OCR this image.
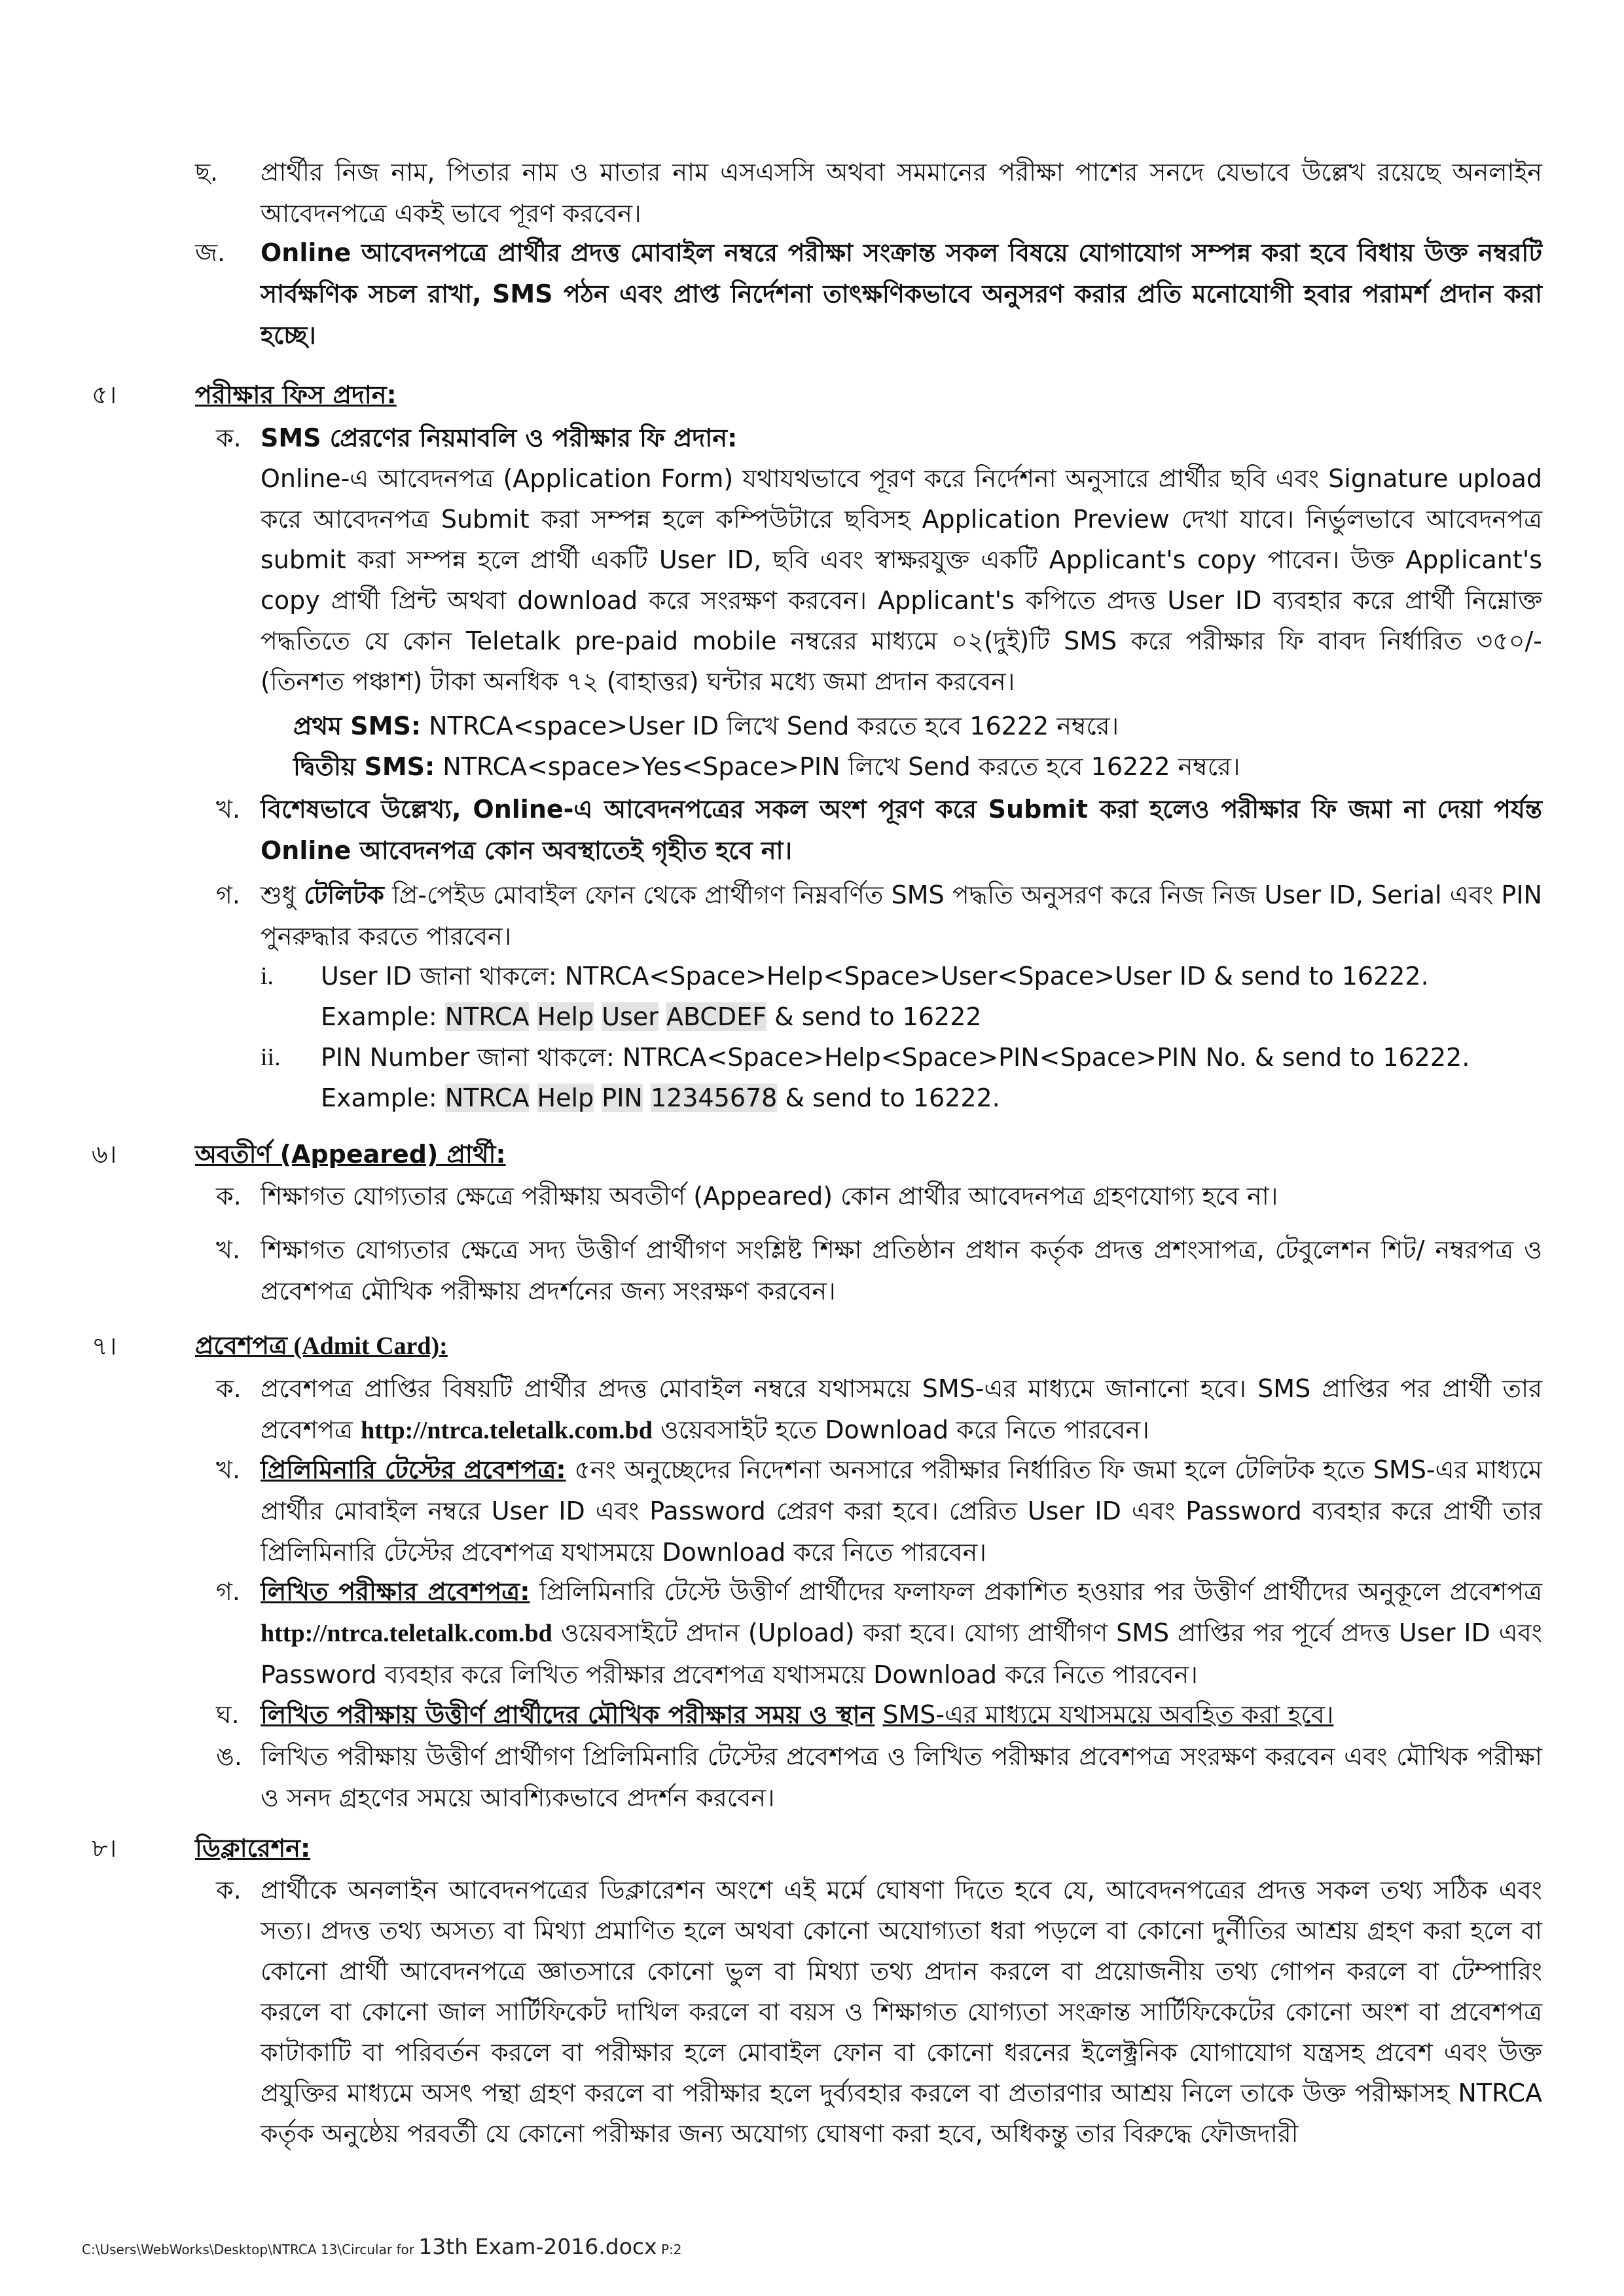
ছ. প্রার্থীর নিজ নাম, পিতার নাম ও মাতার নাম এসএসসি অথবা সমমানের পরীক্ষা পাশের সনদে যেভাবে উল্লেখ রয়েছে অনলাইন আবেদনপত্রে একই ভাবে পূরণ করবেন।
জ. Online আবেদনপত্রে প্রার্থীর প্রদত্ত মোবাইল নম্বরে পরীক্ষা সংক্রান্ত সকল বিষয়ে যোগাযোগ সম্পন্ন করা হবে বিধায় উক্ত নম্বরটি সার্বক্ষণিক সচল রাখা, SMS পঠন এবং প্রাপ্ত নির্দেশনা তাৎক্ষণিকভাবে অনুসরণ করার প্রতি মনোযোগী হবার পরামর্শ প্রদান করা হচ্ছে।
৫।	পরীক্ষার ফিস প্রদান:
ক. SMS প্রেরণের নিয়মাবলি ও পরীক্ষার ফি প্রদান:
Online-এ আবেদনপত্র (Application Form) যথাযথভাবে পূরণ করে নির্দেশনা অনুসারে প্রার্থীর ছবি এবং Signature upload করে আবেদনপত্র Submit করা সম্পন্ন হলে কম্পিউটারে ছবিসহ Application Preview দেখা যাবে। নির্ভুলভাবে আবেদনপত্র submit করা সম্পন্ন হলে প্রার্থী একটি User ID, ছবি এবং স্বাক্ষরযুক্ত একটি Applicant's copy পাবেন। উক্ত Applicant's copy প্রার্থী প্রিন্ট অথবা download করে সংরক্ষণ করবেন। Applicant's কপিতে প্রদত্ত User ID ব্যবহার করে প্রার্থী নিম্নোক্ত পদ্ধতিতে যে কোন Teletalk pre-paid mobile নম্বরের মাধ্যমে ০২(দুই)টি SMS করে পরীক্ষার ফি বাবদ নির্ধারিত ৩৫০/- (তিনশত পঞ্চাশ) টাকা অনধিক ৭২ (বাহাত্তর) ঘন্টার মধ্যে জমা প্রদান করবেন।
প্রথম SMS: NTRCA<space>User ID লিখে Send করতে হবে 16222 নম্বরে।
দ্বিতীয় SMS: NTRCA<space>Yes<Space>PIN লিখে Send করতে হবে 16222 নম্বরে।
খ. বিশেষভাবে উল্লেখ্য, Online-এ আবেদনপত্রের সকল অংশ পূরণ করে Submit করা হলেও পরীক্ষার ফি জমা না দেয়া পর্যন্ত Online আবেদনপত্র কোন অবস্থাতেই গৃহীত হবে না।
গ. শুধু টেলিটক প্রি-পেইড মোবাইল ফোন থেকে প্রার্থীগণ নিম্নবর্ণিত SMS পদ্ধতি অনুসরণ করে নিজ নিজ User ID, Serial এবং PIN পুনরুদ্ধার করতে পারবেন।
i. User ID জানা থাকলে: NTRCA<Space>Help<Space>User<Space>User ID & send to 16222.
Example: NTRCA Help User ABCDEF & send to 16222
ii. PIN Number জানা থাকলে: NTRCA<Space>Help<Space>PIN<Space>PIN No. & send to 16222.
Example: NTRCA Help PIN 12345678 & send to 16222.
৬।	অবতীর্ণ (Appeared) প্রার্থী:
ক. শিক্ষাগত যোগ্যতার ক্ষেত্রে পরীক্ষায় অবতীর্ণ (Appeared) কোন প্রার্থীর আবেদনপত্র গ্রহণযোগ্য হবে না।
খ. শিক্ষাগত যোগ্যতার ক্ষেত্রে সদ্য উত্তীর্ণ প্রার্থীগণ সংশ্লিষ্ট শিক্ষা প্রতিষ্ঠান প্রধান কর্তৃক প্রদত্ত প্রশংসাপত্র, টেবুলেশন শিট/ নম্বরপত্র ও প্রবেশপত্র মৌখিক পরীক্ষায় প্রদর্শনের জন্য সংরক্ষণ করবেন।
৭।	প্রবেশপত্র (Admit Card):
ক. প্রবেশপত্র প্রাপ্তির বিষয়টি প্রার্থীর প্রদত্ত মোবাইল নম্বরে যথাসময়ে SMS-এর মাধ্যমে জানানো হবে। SMS প্রাপ্তির পর প্রার্থী তার প্রবেশপত্র http://ntrca.teletalk.com.bd ওয়েবসাইট হতে Download করে নিতে পারবেন।
খ. প্রিলিমিনারি টেস্টের প্রবেশপত্র: ৫নং অনুচ্ছেদের নিদেশনা অনসারে পরীক্ষার নির্ধারিত ফি জমা হলে টেলিটক হতে SMS-এর মাধ্যমে প্রার্থীর মোবাইল নম্বরে User ID এবং Password প্রেরণ করা হবে। প্রেরিত User ID এবং Password ব্যবহার করে প্রার্থী তার প্রিলিমিনারি টেস্টের প্রবেশপত্র যথাসময়ে Download করে নিতে পারবেন।
গ. লিখিত পরীক্ষার প্রবেশপত্র: প্রিলিমিনারি টেস্টে উত্তীর্ণ প্রার্থীদের ফলাফল প্রকাশিত হওয়ার পর উত্তীর্ণ প্রার্থীদের অনুকূলে প্রবেশপত্র http://ntrca.teletalk.com.bd ওয়েবসাইটে প্রদান (Upload) করা হবে। যোগ্য প্রার্থীগণ SMS প্রাপ্তির পর পূর্বে প্রদত্ত User ID এবং Password ব্যবহার করে লিখিত পরীক্ষার প্রবেশপত্র যথাসময়ে Download করে নিতে পারবেন।
ঘ. লিখিত পরীক্ষায় উত্তীর্ণ প্রার্থীদের মৌখিক পরীক্ষার সময় ও স্থান SMS-এর মাধ্যমে যথাসময়ে অবহিত করা হবে।
ঙ. লিখিত পরীক্ষায় উত্তীর্ণ প্রার্থীগণ প্রিলিমিনারি টেস্টের প্রবেশপত্র ও লিখিত পরীক্ষার প্রবেশপত্র সংরক্ষণ করবেন এবং মৌখিক পরীক্ষা ও সনদ গ্রহণের সময়ে আবশ্যিকভাবে প্রদর্শন করবেন।
৮।	ডিক্লারেশন:
ক. প্রার্থীকে অনলাইন আবেদনপত্রের ডিক্লারেশন অংশে এই মর্মে ঘোষণা দিতে হবে যে, আবেদনপত্রের প্রদত্ত সকল তথ্য সঠিক এবং সত্য। প্রদত্ত তথ্য অসত্য বা মিথ্যা প্রমাণিত হলে অথবা কোনো অযোগ্যতা ধরা পড়লে বা কোনো দুর্নীতির আশ্রয় গ্রহণ করা হলে বা কোনো প্রার্থী আবেদনপত্রে জ্ঞাতসারে কোনো ভুল বা মিথ্যা তথ্য প্রদান করলে বা প্রয়োজনীয় তথ্য গোপন করলে বা টেম্পারিং করলে বা কোনো জাল সার্টিফিকেট দাখিল করলে বা বয়স ও শিক্ষাগত যোগ্যতা সংক্রান্ত সার্টিফিকেটের কোনো অংশ বা প্রবেশপত্র কাটাকাটি বা পরিবর্তন করলে বা পরীক্ষার হলে মোবাইল ফোন বা কোনো ধরনের ইলেক্ট্রনিক যোগাযোগ যন্ত্রসহ প্রবেশ এবং উক্ত প্রযুক্তির মাধ্যমে অসৎ পন্থা গ্রহণ করলে বা পরীক্ষার হলে দুর্ব্যবহার করলে বা প্রতারণার আশ্রয় নিলে তাকে উক্ত পরীক্ষাসহ NTRCA কর্তৃক অনুষ্ঠেয় পরবর্তী যে কোনো পরীক্ষার জন্য অযোগ্য ঘোষণা করা হবে, অধিকন্তু তার বিরুদ্ধে ফৌজদারী
C:\Users\WebWorks\Desktop\NTRCA 13\Circular for 13th Exam-2016.docx P:2
